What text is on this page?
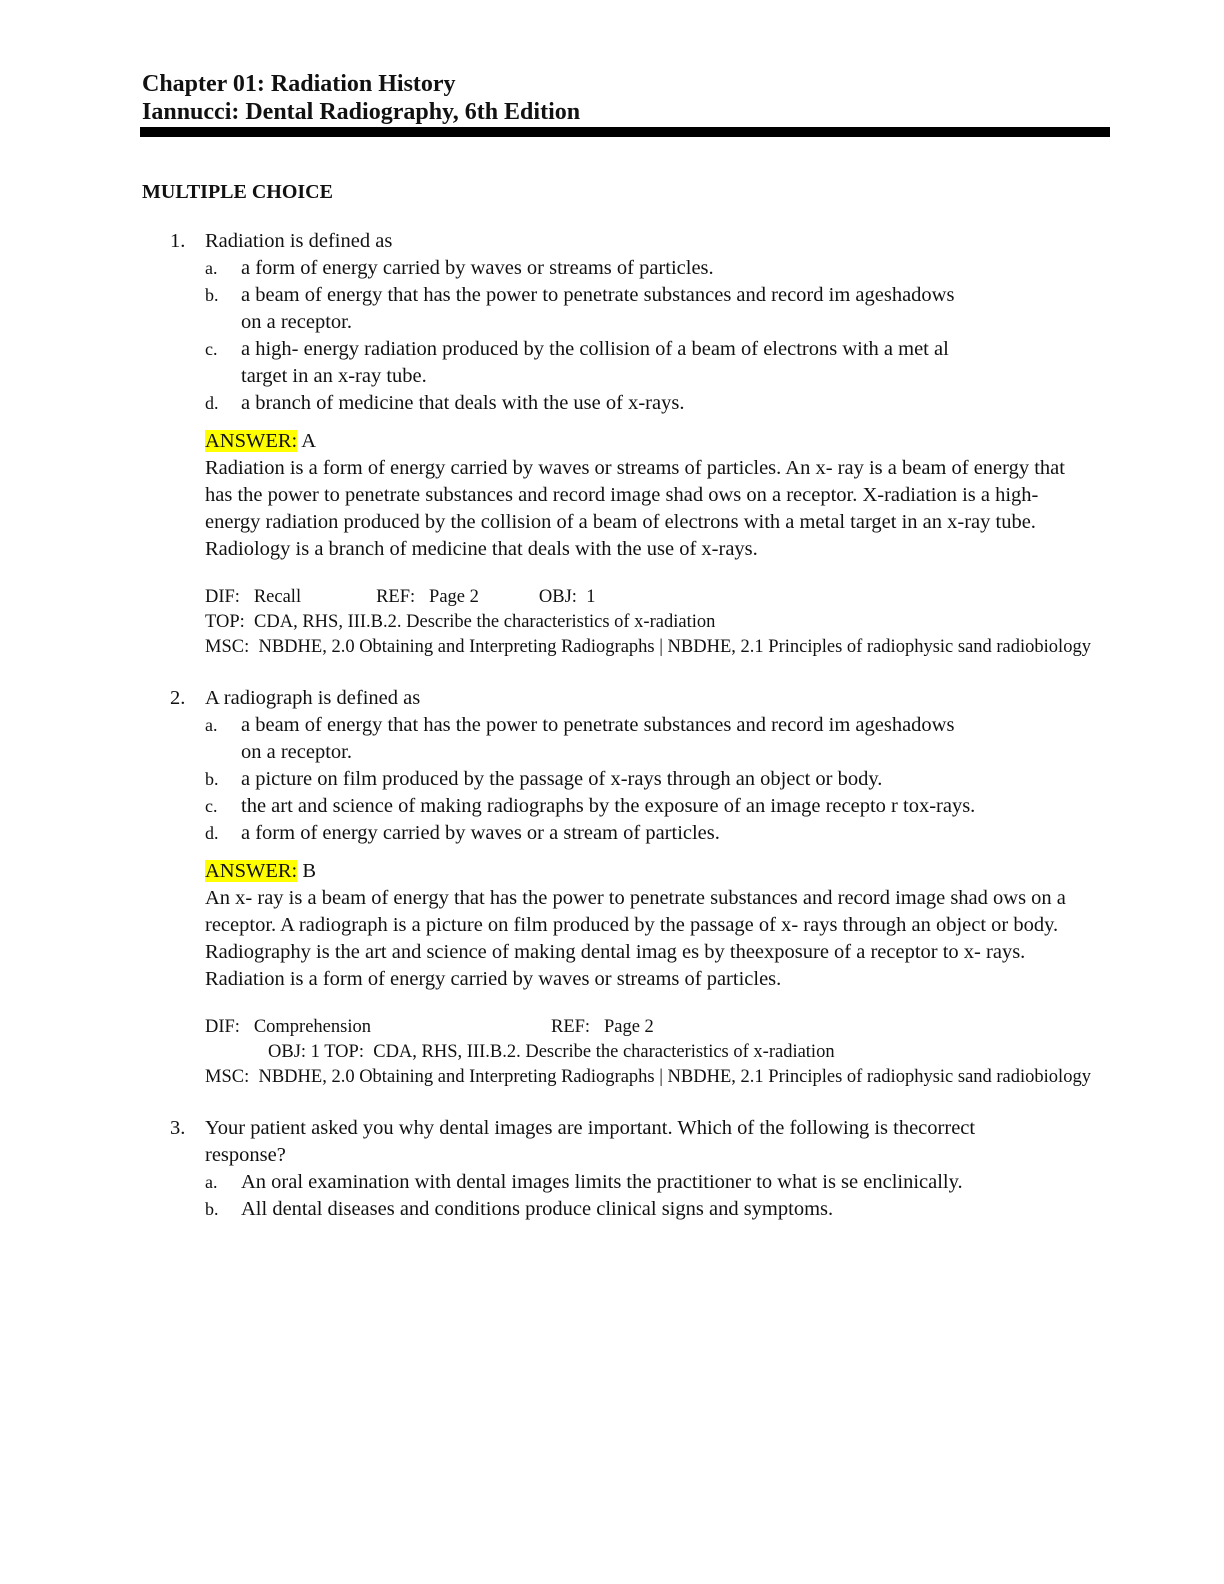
Chapter 01: Radiation History
Iannucci: Dental Radiography, 6th Edition
MULTIPLE CHOICE
1. Radiation is defined as
a. a form of energy carried by waves or streams of particles.
b. a beam of energy that has the power to penetrate substances and record im ageshadows on a receptor.
c. a high- energy radiation produced by the collision of a beam of electrons with a met al target in an x-ray tube.
d. a branch of medicine that deals with the use of x-rays.
ANSWER: A
Radiation is a form of energy carried by waves or streams of particles. An x- ray is a beam of energy that has the power to penetrate substances and record image shad ows on a receptor. X-radiation is a high- energy radiation produced by the collision of a beam of electrons with a metal target in an x-ray tube. Radiology is a branch of medicine that deals with the use of x-rays.
DIF: Recall	REF: Page 2	OBJ: 1
TOP: CDA, RHS, III.B.2. Describe the characteristics of x-radiation
MSC: NBDHE, 2.0 Obtaining and Interpreting Radiographs | NBDHE, 2.1 Principles of radiophysic sand radiobiology
2. A radiograph is defined as
a. a beam of energy that has the power to penetrate substances and record im ageshadows on a receptor.
b. a picture on film produced by the passage of x-rays through an object or body.
c. the art and science of making radiographs by the exposure of an image recepto r tox-rays.
d. a form of energy carried by waves or a stream of particles.
ANSWER: B
An x- ray is a beam of energy that has the power to penetrate substances and record image shad ows on a receptor. A radiograph is a picture on film produced by the passage of x- rays through an object or body. Radiography is the art and science of making dental imag es by theexposure of a receptor to x- rays. Radiation is a form of energy carried by waves or streams of particles.
DIF: Comprehension	REF: Page 2
OBJ: 1 TOP: CDA, RHS, III.B.2. Describe the characteristics of x-radiation
MSC: NBDHE, 2.0 Obtaining and Interpreting Radiographs | NBDHE, 2.1 Principles of radiophysic sand radiobiology
3. Your patient asked you why dental images are important. Which of the following is thecorrect response?
a. An oral examination with dental images limits the practitioner to what is se enclinically.
b. All dental diseases and conditions produce clinical signs and symptoms.
